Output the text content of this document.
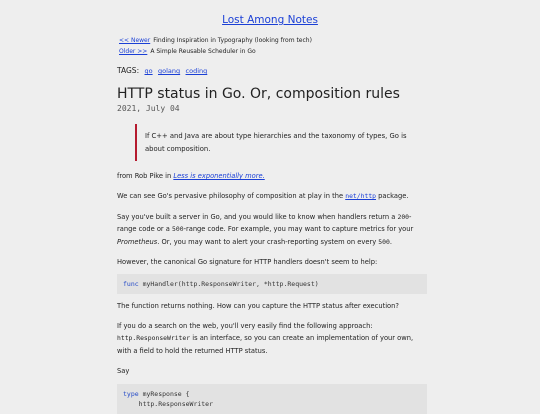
Lost Among Notes
<< Newer Finding Inspiration in Typography (looking from tech)
Older >> A Simple Reusable Scheduler in Go
TAGS: go golang coding
HTTP status in Go. Or, composition rules
2021, July 04
If C++ and Java are about type hierarchies and the taxonomy of types, Go is about composition.
from Rob Pike in Less is exponentially more.
We can see Go's pervasive philosophy of composition at play in the net/http package.
Say you've built a server in Go, and you would like to know when handlers return a 200-range code or a 500-range code. For example, you may want to capture metrics for your Prometheus. Or, you may want to alert your crash-reporting system on every 500.
However, the canonical Go signature for HTTP handlers doesn't seem to help:
func myHandler(http.ResponseWriter, *http.Request)
The function returns nothing. How can you capture the HTTP status after execution?
If you do a search on the web, you'll very easily find the following approach: http.ResponseWriter is an interface, so you can create an implementation of your own, with a field to hold the returned HTTP status.
Say
type myResponse {
http.ResponseWriter
